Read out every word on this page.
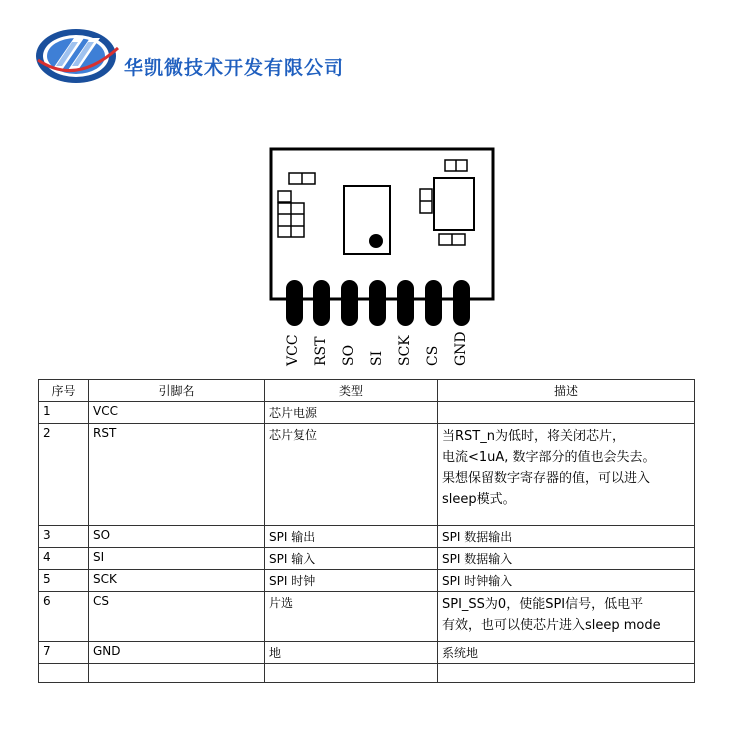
华凯微技术开发有限公司
VCC RST SO SI SCK CS GND
序号	引脚名	类型	描述
1	VCC	芯片电源	
2	RST	芯片复位	当RST_n为低时，将关闭芯片，
电流<1uA, 数字部分的值也会失去。
果想保留数字寄存器的值，可以进入
sleep模式。

3	SO	SPI 输出	SPI 数据输出
4	SI	SPI 输入	SPI 数据输入
5	SCK	SPI 时钟	SPI 时钟输入
6	CS	片选	SPI_SS为0，使能SPI信号，低电平
有效，也可以使芯片进入sleep mode

7	GND	地	系统地
